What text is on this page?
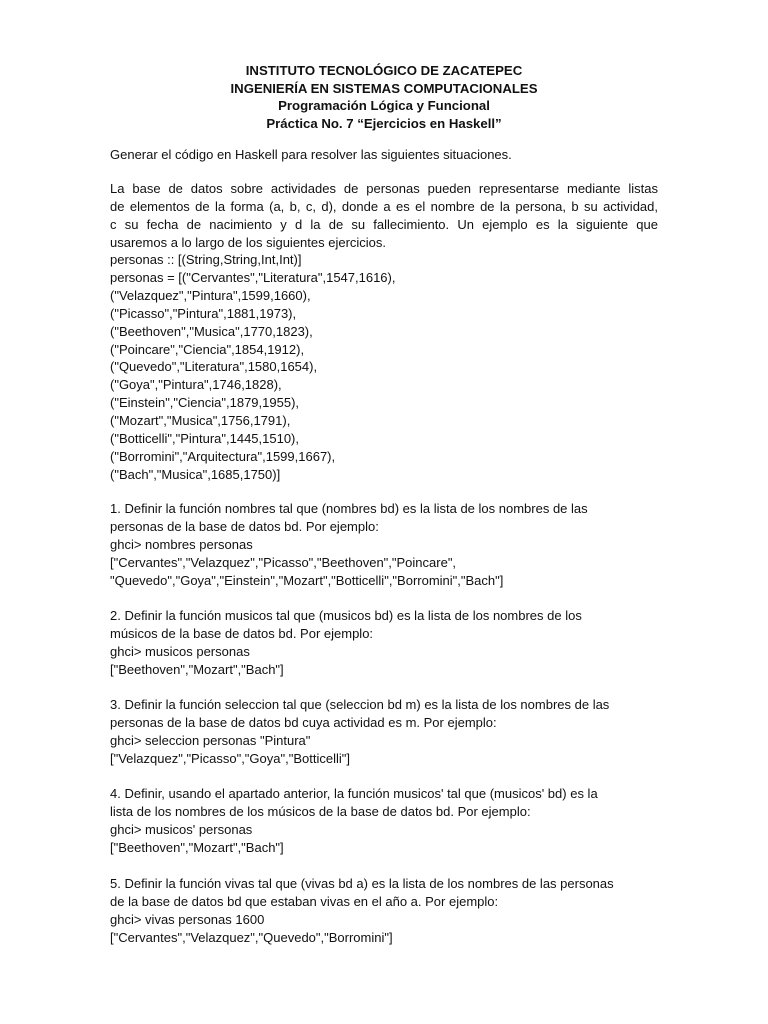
INSTITUTO TECNOLÓGICO DE ZACATEPEC
INGENIERÍA EN SISTEMAS COMPUTACIONALES
Programación Lógica y Funcional
Práctica No. 7 “Ejercicios en Haskell”
Generar el código en Haskell para resolver las siguientes situaciones.
La base de datos sobre actividades de personas pueden representarse mediante listas
de elementos de la forma (a, b, c, d), donde a es el nombre de la persona, b su actividad,
c su fecha de nacimiento y d la de su fallecimiento. Un ejemplo es la siguiente que
usaremos a lo largo de los siguientes ejercicios.
personas :: [(String,String,Int,Int)]
personas = [("Cervantes","Literatura",1547,1616),
("Velazquez","Pintura",1599,1660),
("Picasso","Pintura",1881,1973),
("Beethoven","Musica",1770,1823),
("Poincare","Ciencia",1854,1912),
("Quevedo","Literatura",1580,1654),
("Goya","Pintura",1746,1828),
("Einstein","Ciencia",1879,1955),
("Mozart","Musica",1756,1791),
("Botticelli","Pintura",1445,1510),
("Borromini","Arquitectura",1599,1667),
("Bach","Musica",1685,1750)]
1. Definir la función nombres tal que (nombres bd) es la lista de los nombres de las
personas de la base de datos bd. Por ejemplo:
ghci> nombres personas
["Cervantes","Velazquez","Picasso","Beethoven","Poincare",
"Quevedo","Goya","Einstein","Mozart","Botticelli","Borromini","Bach"]
2. Definir la función musicos tal que (musicos bd) es la lista de los nombres de los
músicos de la base de datos bd. Por ejemplo:
ghci> musicos personas
["Beethoven","Mozart","Bach"]
3. Definir la función seleccion tal que (seleccion bd m) es la lista de los nombres de las
personas de la base de datos bd cuya actividad es m. Por ejemplo:
ghci> seleccion personas "Pintura"
["Velazquez","Picasso","Goya","Botticelli"]
4. Definir, usando el apartado anterior, la función musicos' tal que (musicos' bd) es la
lista de los nombres de los músicos de la base de datos bd. Por ejemplo:
ghci> musicos' personas
["Beethoven","Mozart","Bach"]
5. Definir la función vivas tal que (vivas bd a) es la lista de los nombres de las personas
de la base de datos bd que estaban vivas en el año a. Por ejemplo:
ghci> vivas personas 1600
["Cervantes","Velazquez","Quevedo","Borromini"]
